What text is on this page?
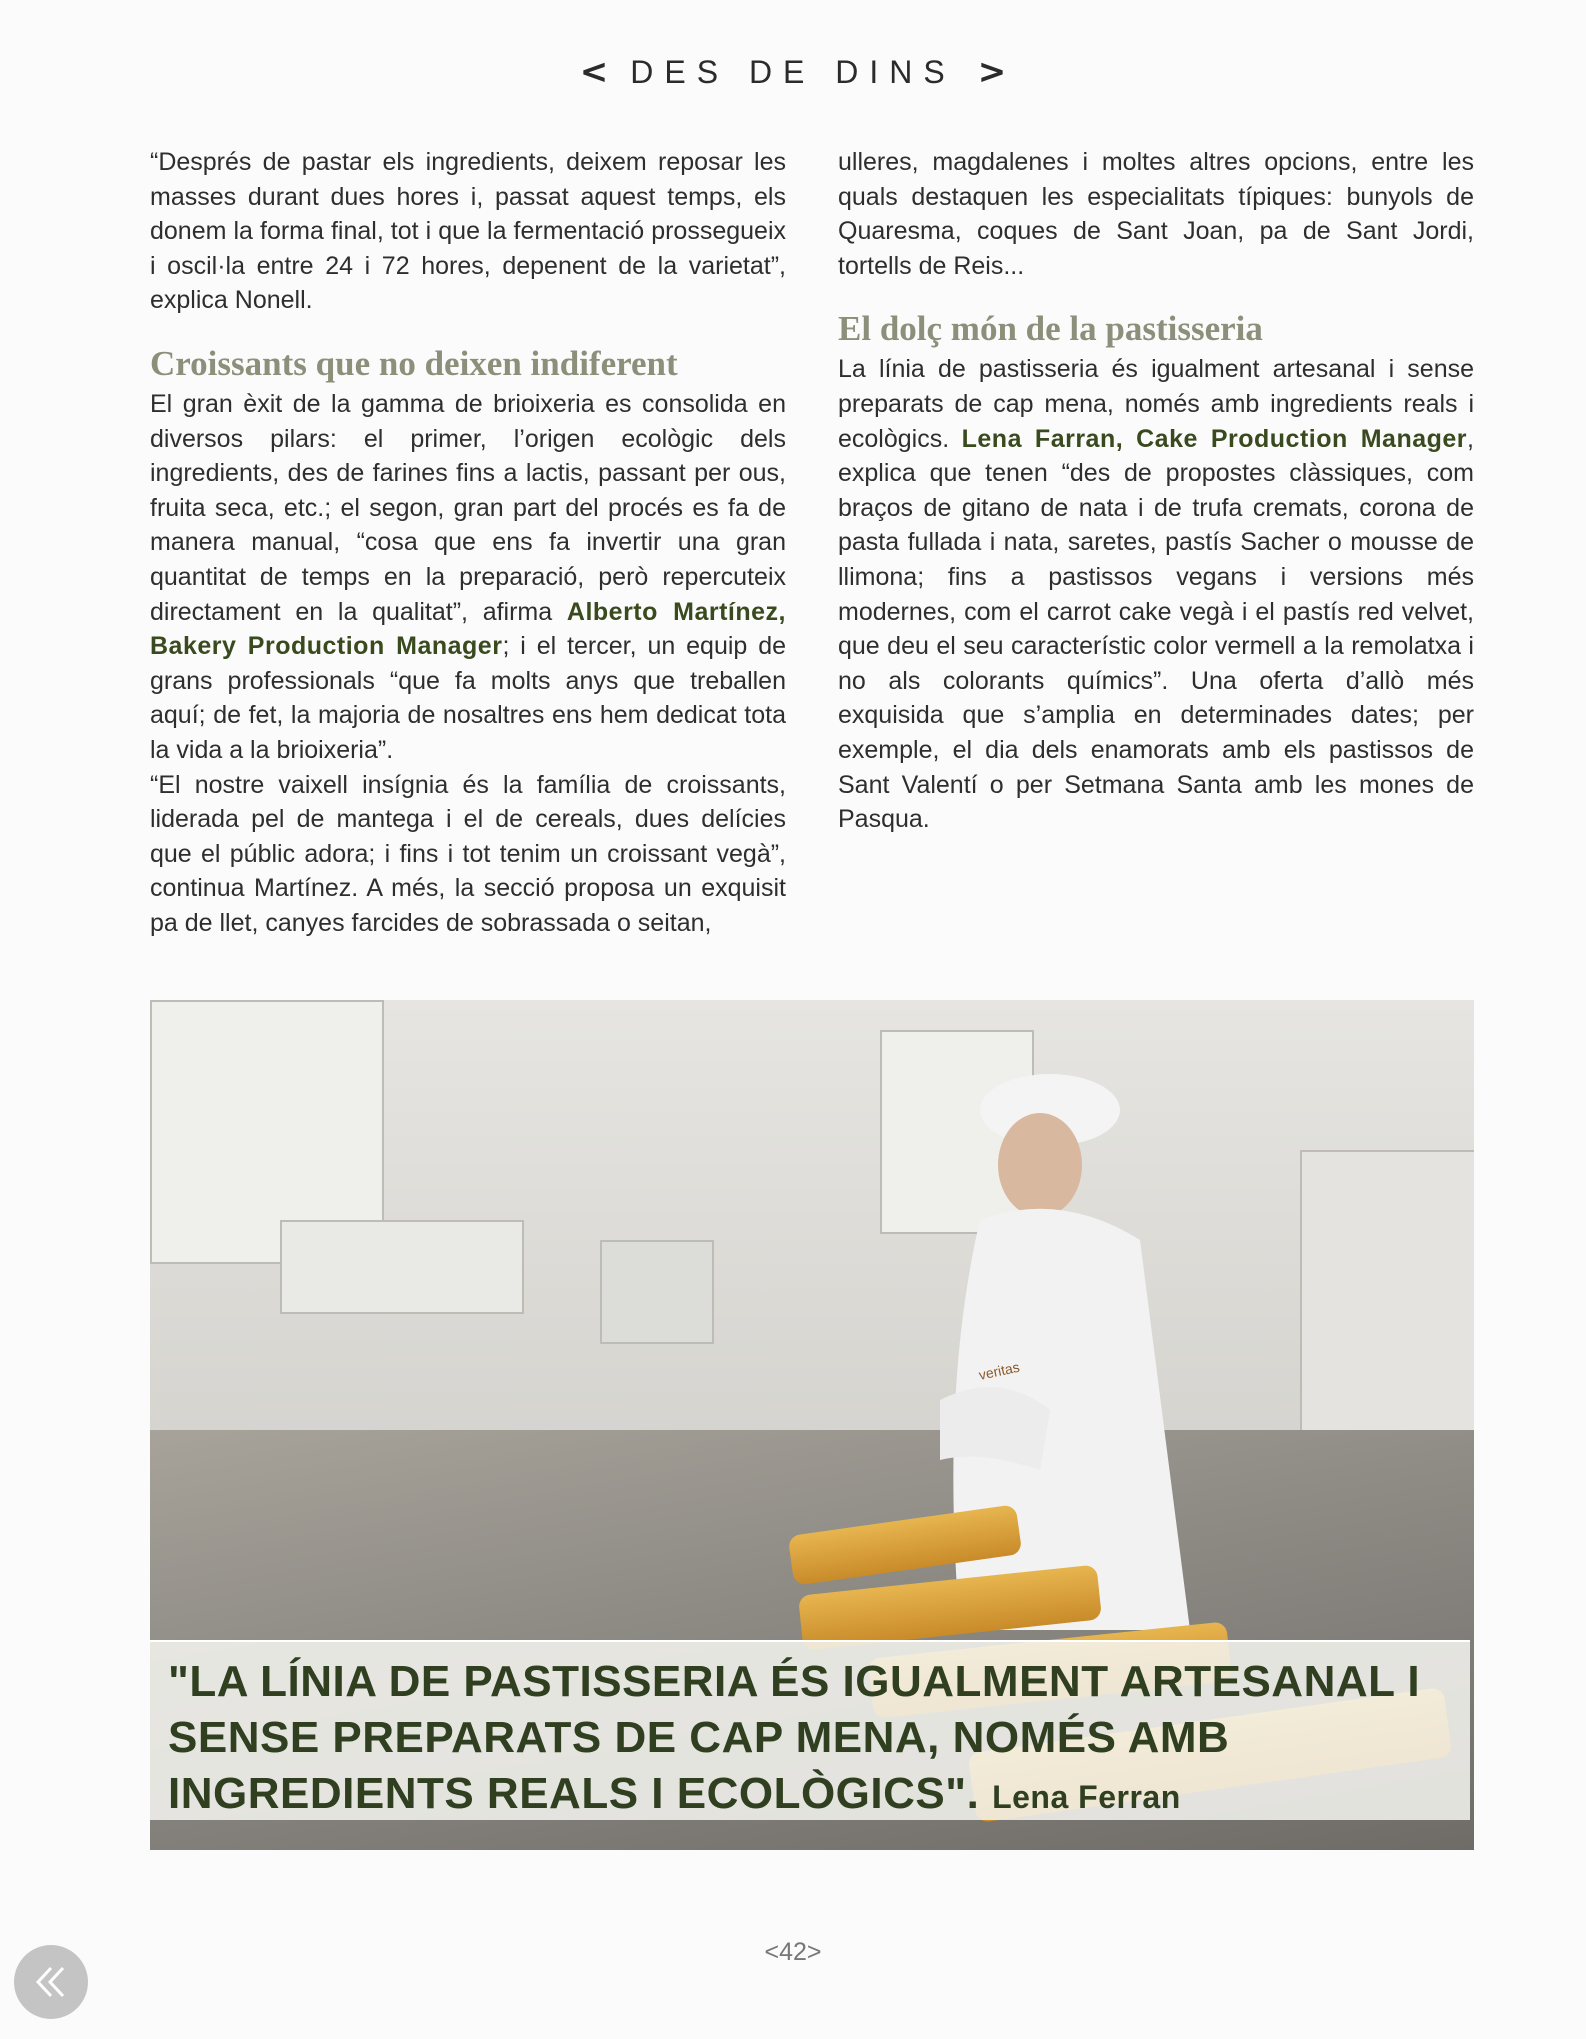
< DES DE DINS >

“Després de pastar els ingredients, deixem reposar les masses durant dues hores i, passat aquest temps, els donem la forma final, tot i que la fermentació prossegueix i oscil·la entre 24 i 72 hores, depenent de la varietat”, explica Nonell.

Croissants que no deixen indiferent

El gran èxit de la gamma de brioixeria es consolida en diversos pilars: el primer, l’origen ecològic dels ingredients, des de farines fins a lactis, passant per ous, fruita seca, etc.; el segon, gran part del procés es fa de manera manual, “cosa que ens fa invertir una gran quantitat de temps en la preparació, però repercuteix directament en la qualitat”, afirma Alberto Martínez, Bakery Production Manager; i el tercer, un equip de grans professionals “que fa molts anys que treballen aquí; de fet, la majoria de nosaltres ens hem dedicat tota la vida a la brioixeria”.

“El nostre vaixell insígnia és la família de croissants, liderada pel de mantega i el de cereals, dues delícies que el públic adora; i fins i tot tenim un croissant vegà”, continua Martínez. A més, la secció proposa un exquisit pa de llet, canyes farcides de sobrassada o seitan,

ulleres, magdalenes i moltes altres opcions, entre les quals destaquen les especialitats típiques: bunyols de Quaresma, coques de Sant Joan, pa de Sant Jordi, tortells de Reis...

El dolç món de la pastisseria

La línia de pastisseria és igualment artesanal i sense preparats de cap mena, només amb ingredients reals i ecològics. Lena Farran, Cake Production Manager, explica que tenen “des de propostes clàssiques, com braços de gitano de nata i de trufa cremats, corona de pasta fullada i nata, saretes, pastís Sacher o mousse de llimona; fins a pastissos vegans i versions més modernes, com el carrot cake vegà i el pastís red velvet, que deu el seu característic color vermell a la remolatxa i no als colorants químics”. Una oferta d’allò més exquisida que s’amplia en determinades dates; per exemple, el dia dels enamorats amb els pastissos de Sant Valentí o per Setmana Santa amb les mones de Pasqua.

veritas
"LA LÍNIA DE PASTISSERIA ÉS IGUALMENT ARTESANAL I SENSE PREPARATS DE CAP MENA, NOMÉS AMB INGREDIENTS REALS I ECOLÒGICS". Lena Ferran
<42>
